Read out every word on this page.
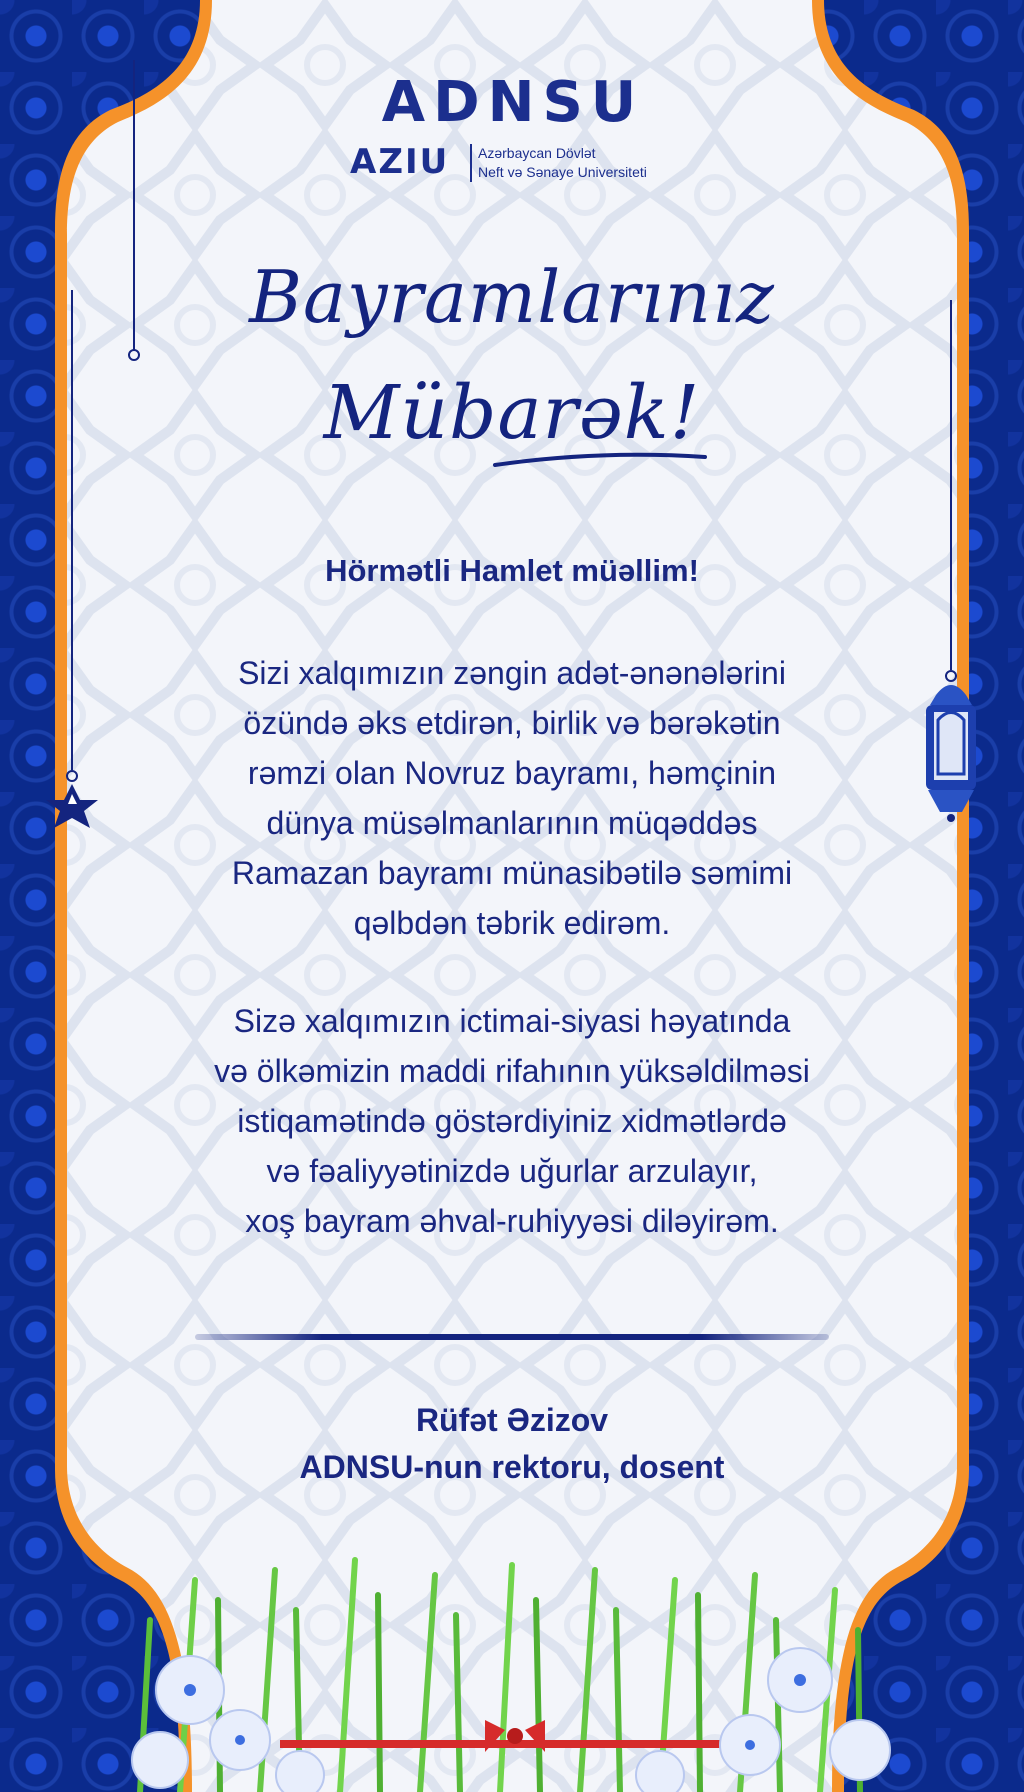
ADNSU
AZIU Azərbaycan Dövlət
Neft və Sənaye Universiteti
Bayramlarınız
Mübarək!
Hörmətli Hamlet müəllim!
Sizi xalqımızın zəngin adət-ənənələrini
özündə əks etdirən, birlik və bərəkətin
rəmzi olan Novruz bayramı, həmçinin
dünya müsəlmanlarının müqəddəs
Ramazan bayramı münasibətilə səmimi
qəlbdən təbrik edirəm.
Sizə xalqımızın ictimai-siyasi həyatında
və ölkəmizin maddi rifahının yüksəldilməsi
istiqamətində göstərdiyiniz xidmətlərdə
və fəaliyyətinizdə uğurlar arzulayır,
xoş bayram əhval-ruhiyyəsi diləyirəm.
Rüfət Əzizov
ADNSU-nun rektoru, dosent
